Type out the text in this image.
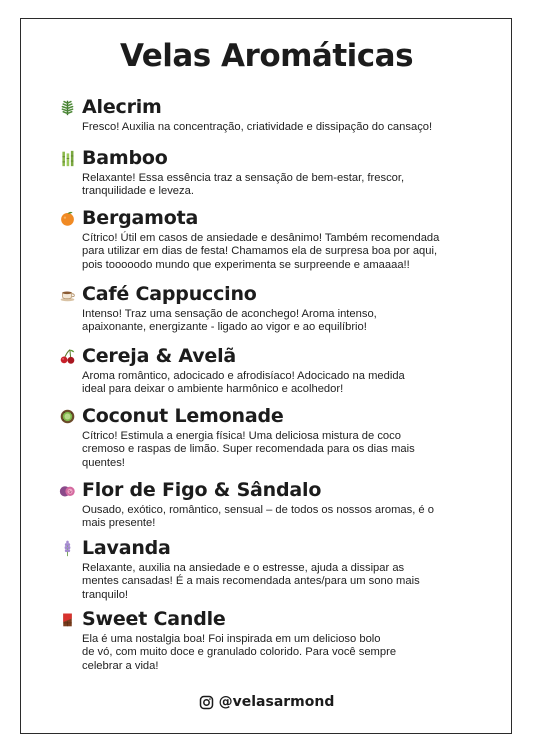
Velas Aromáticas
Alecrim
Fresco! Auxilia na concentração, criatividade e dissipação do cansaço!
Bamboo
Relaxante! Essa essência traz a sensação de bem-estar, frescor,
tranquilidade e leveza.
Bergamota
Cítrico! Útil em casos de ansiedade e desânimo! Também recomendada
para utilizar em dias de festa! Chamamos ela de surpresa boa por aqui,
pois tooooodo mundo que experimenta se surpreende e amaaaa!!
Café Cappuccino
Intenso! Traz uma sensação de aconchego! Aroma intenso,
apaixonante, energizante - ligado ao vigor e ao equilíbrio!
Cereja & Avelã
Aroma romântico, adocicado e afrodisíaco! Adocicado na medida
ideal para deixar o ambiente harmônico e acolhedor!
Coconut Lemonade
Cítrico! Estimula a energia física! Uma deliciosa mistura de coco
cremoso e raspas de limão. Super recomendada para os dias mais
quentes!
Flor de Figo & Sândalo
Ousado, exótico, romântico, sensual – de todos os nossos aromas, é o
mais presente!
Lavanda
Relaxante, auxilia na ansiedade e o estresse, ajuda a dissipar as
mentes cansadas! É a mais recomendada antes/para um sono mais
tranquilo!
Sweet Candle
Ela é uma nostalgia boa! Foi inspirada em um delicioso bolo
de vó, com muito doce e granulado colorido. Para você sempre
celebrar a vida!
@velasarmond
